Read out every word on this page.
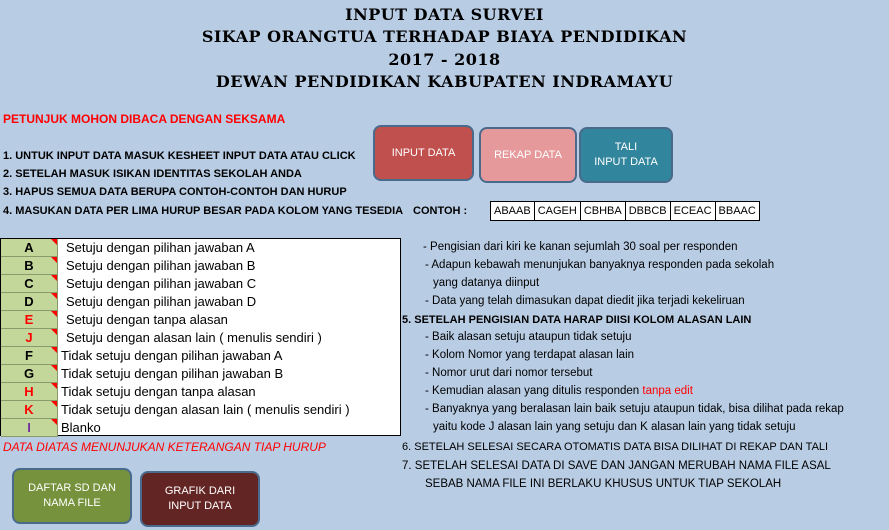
INPUT DATA SURVEI
SIKAP ORANGTUA TERHADAP BIAYA PENDIDIKAN
2017 - 2018
DEWAN PENDIDIKAN KABUPATEN INDRAMAYU
PETUNJUK MOHON DIBACA DENGAN SEKSAMA
1. UNTUK INPUT DATA MASUK KESHEET INPUT DATA ATAU CLICK
2. SETELAH MASUK ISIKAN IDENTITAS SEKOLAH ANDA
3. HAPUS SEMUA DATA BERUPA CONTOH-CONTOH DAN HURUP
4. MASUKAN DATA PER LIMA HURUP BESAR PADA KOLOM YANG TESEDIA
INPUT DATA	REKAP DATA
TALI
INPUT DATA
CONTOH : ABAAB CAGEH CBHBA DBBCB ECEAC BBAAC
A	Setuju dengan pilihan jawaban A
B	Setuju dengan pilihan jawaban B
C	Setuju dengan pilihan jawaban C
D	Setuju dengan pilihan jawaban D
E	Setuju dengan tanpa alasan
J	Setuju dengan alasan lain ( menulis sendiri )
F	Tidak setuju dengan pilihan jawaban A
G	Tidak setuju dengan pilihan jawaban B
H	Tidak setuju dengan tanpa alasan
K	Tidak setuju dengan alasan lain ( menulis sendiri )
I	Blanko
DATA DIATAS MENUNJUKAN KETERANGAN TIAP HURUP
- Pengisian dari kiri ke kanan sejumlah 30 soal per responden
- Adapun kebawah menunjukan banyaknya responden pada sekolah
yang datanya diinput
- Data yang telah dimasukan dapat diedit jika terjadi kekeliruan
5. SETELAH PENGISIAN DATA HARAP DIISI KOLOM ALASAN LAIN
- Baik alasan setuju ataupun tidak setuju
- Kolom Nomor yang terdapat alasan lain
- Nomor urut dari nomor tersebut
- Kemudian alasan yang ditulis responden tanpa edit
- Banyaknya yang beralasan lain baik setuju ataupun tidak, bisa dilihat pada rekap
yaitu kode J alasan lain yang setuju dan K alasan lain yang tidak setuju
6. SETELAH SELESAI SECARA OTOMATIS DATA BISA DILIHAT DI REKAP DAN TALI
7. SETELAH SELESAI DATA DI SAVE DAN JANGAN MERUBAH NAMA FILE ASAL
SEBAB NAMA FILE INI BERLAKU KHUSUS UNTUK TIAP SEKOLAH
DAFTAR SD DAN
NAMA FILE
GRAFIK DARI
INPUT DATA
